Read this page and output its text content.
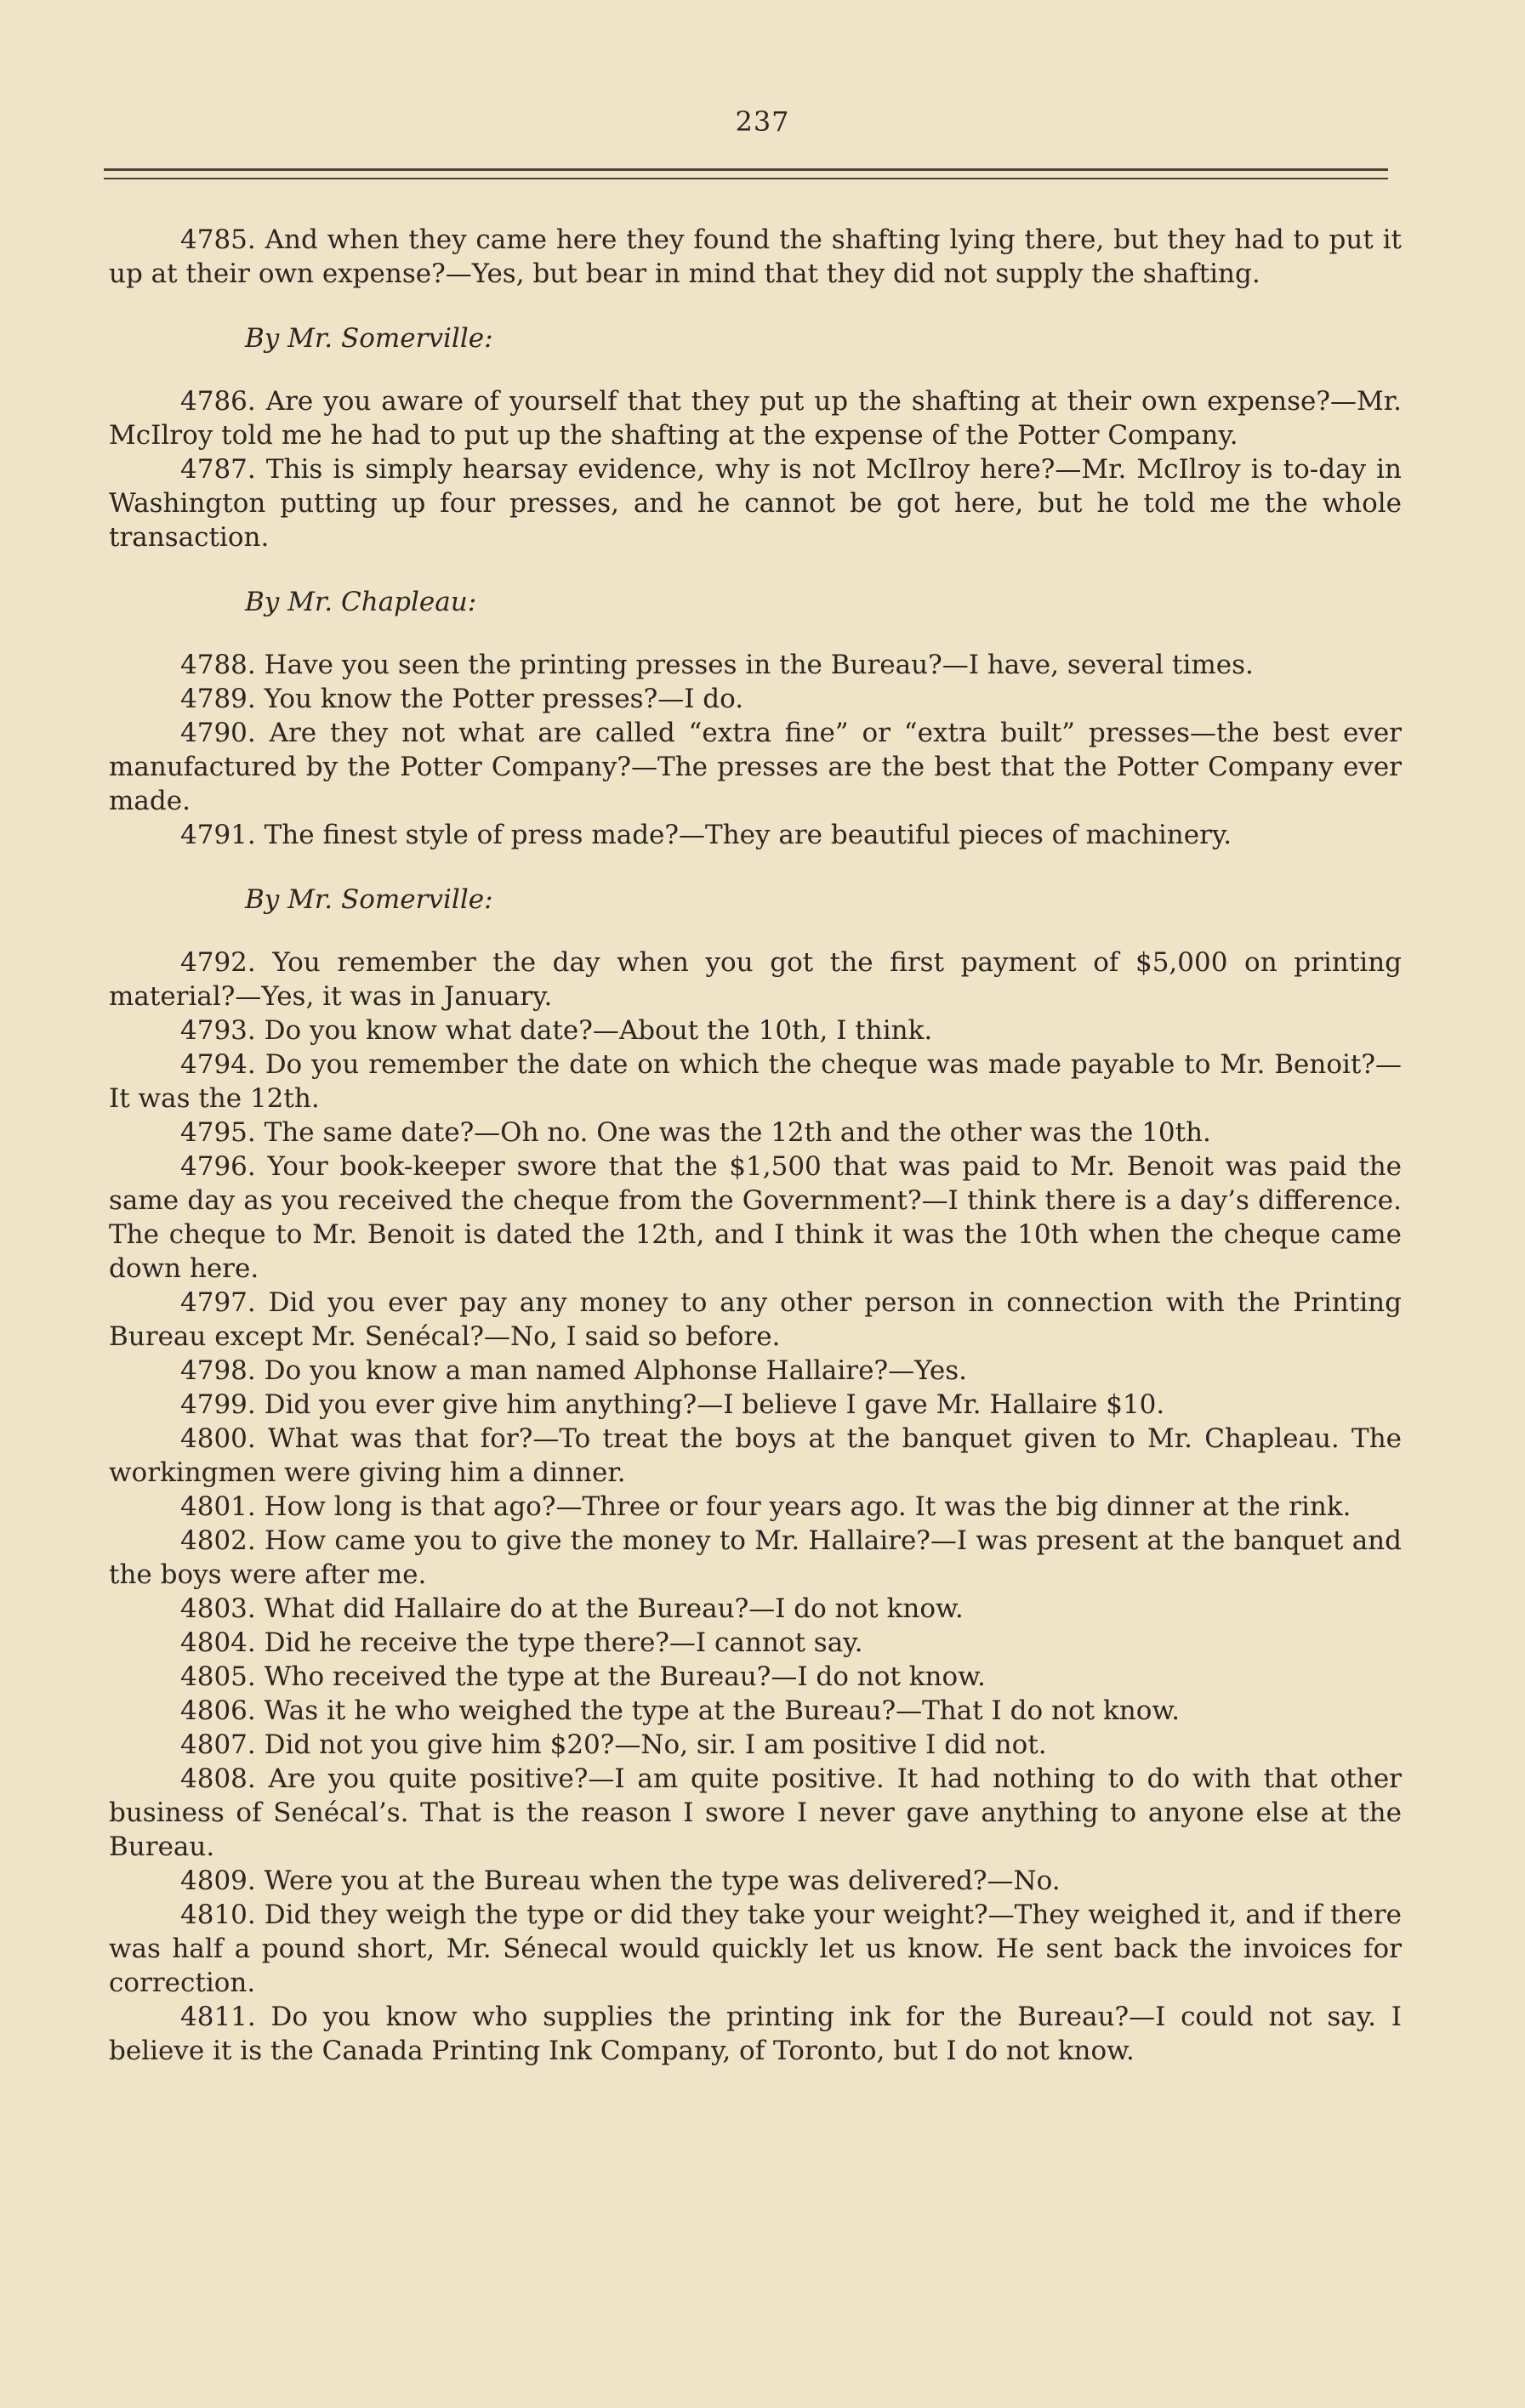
237

4785. And when they came here they found the shafting lying there, but they had to put it up at their own expense?—Yes, but bear in mind that they did not supply the shafting.

By Mr. Somerville:

4786. Are you aware of yourself that they put up the shafting at their own expense?—Mr. McIlroy told me he had to put up the shafting at the expense of the Potter Company.

4787. This is simply hearsay evidence, why is not McIlroy here?—Mr. McIlroy is to-day in Washington putting up four presses, and he cannot be got here, but he told me the whole transaction.

By Mr. Chapleau:

4788. Have you seen the printing presses in the Bureau?—I have, several times.

4789. You know the Potter presses?—I do.

4790. Are they not what are called “extra fine” or “extra built” presses—the best ever manufactured by the Potter Company?—The presses are the best that the Potter Company ever made.

4791. The finest style of press made?—They are beautiful pieces of machinery.

By Mr. Somerville:

4792. You remember the day when you got the first payment of $5,000 on printing material?—Yes, it was in January.

4793. Do you know what date?—About the 10th, I think.

4794. Do you remember the date on which the cheque was made payable to Mr. Benoit?—It was the 12th.

4795. The same date?—Oh no. One was the 12th and the other was the 10th.

4796. Your book-keeper swore that the $1,500 that was paid to Mr. Benoit was paid the same day as you received the cheque from the Government?—I think there is a day’s difference. The cheque to Mr. Benoit is dated the 12th, and I think it was the 10th when the cheque came down here.

4797. Did you ever pay any money to any other person in connection with the Printing Bureau except Mr. Senécal?—No, I said so before.

4798. Do you know a man named Alphonse Hallaire?—Yes.

4799. Did you ever give him anything?—I believe I gave Mr. Hallaire $10.

4800. What was that for?—To treat the boys at the banquet given to Mr. Chapleau. The workingmen were giving him a dinner.

4801. How long is that ago?—Three or four years ago. It was the big dinner at the rink.

4802. How came you to give the money to Mr. Hallaire?—I was present at the banquet and the boys were after me.

4803. What did Hallaire do at the Bureau?—I do not know.

4804. Did he receive the type there?—I cannot say.

4805. Who received the type at the Bureau?—I do not know.

4806. Was it he who weighed the type at the Bureau?—That I do not know.

4807. Did not you give him $20?—No, sir. I am positive I did not.

4808. Are you quite positive?—I am quite positive. It had nothing to do with that other business of Senécal’s. That is the reason I swore I never gave anything to anyone else at the Bureau.

4809. Were you at the Bureau when the type was delivered?—No.

4810. Did they weigh the type or did they take your weight?—They weighed it, and if there was half a pound short, Mr. Sénecal would quickly let us know. He sent back the invoices for correction.

4811. Do you know who supplies the printing ink for the Bureau?—I could not say. I believe it is the Canada Printing Ink Company, of Toronto, but I do not know.
